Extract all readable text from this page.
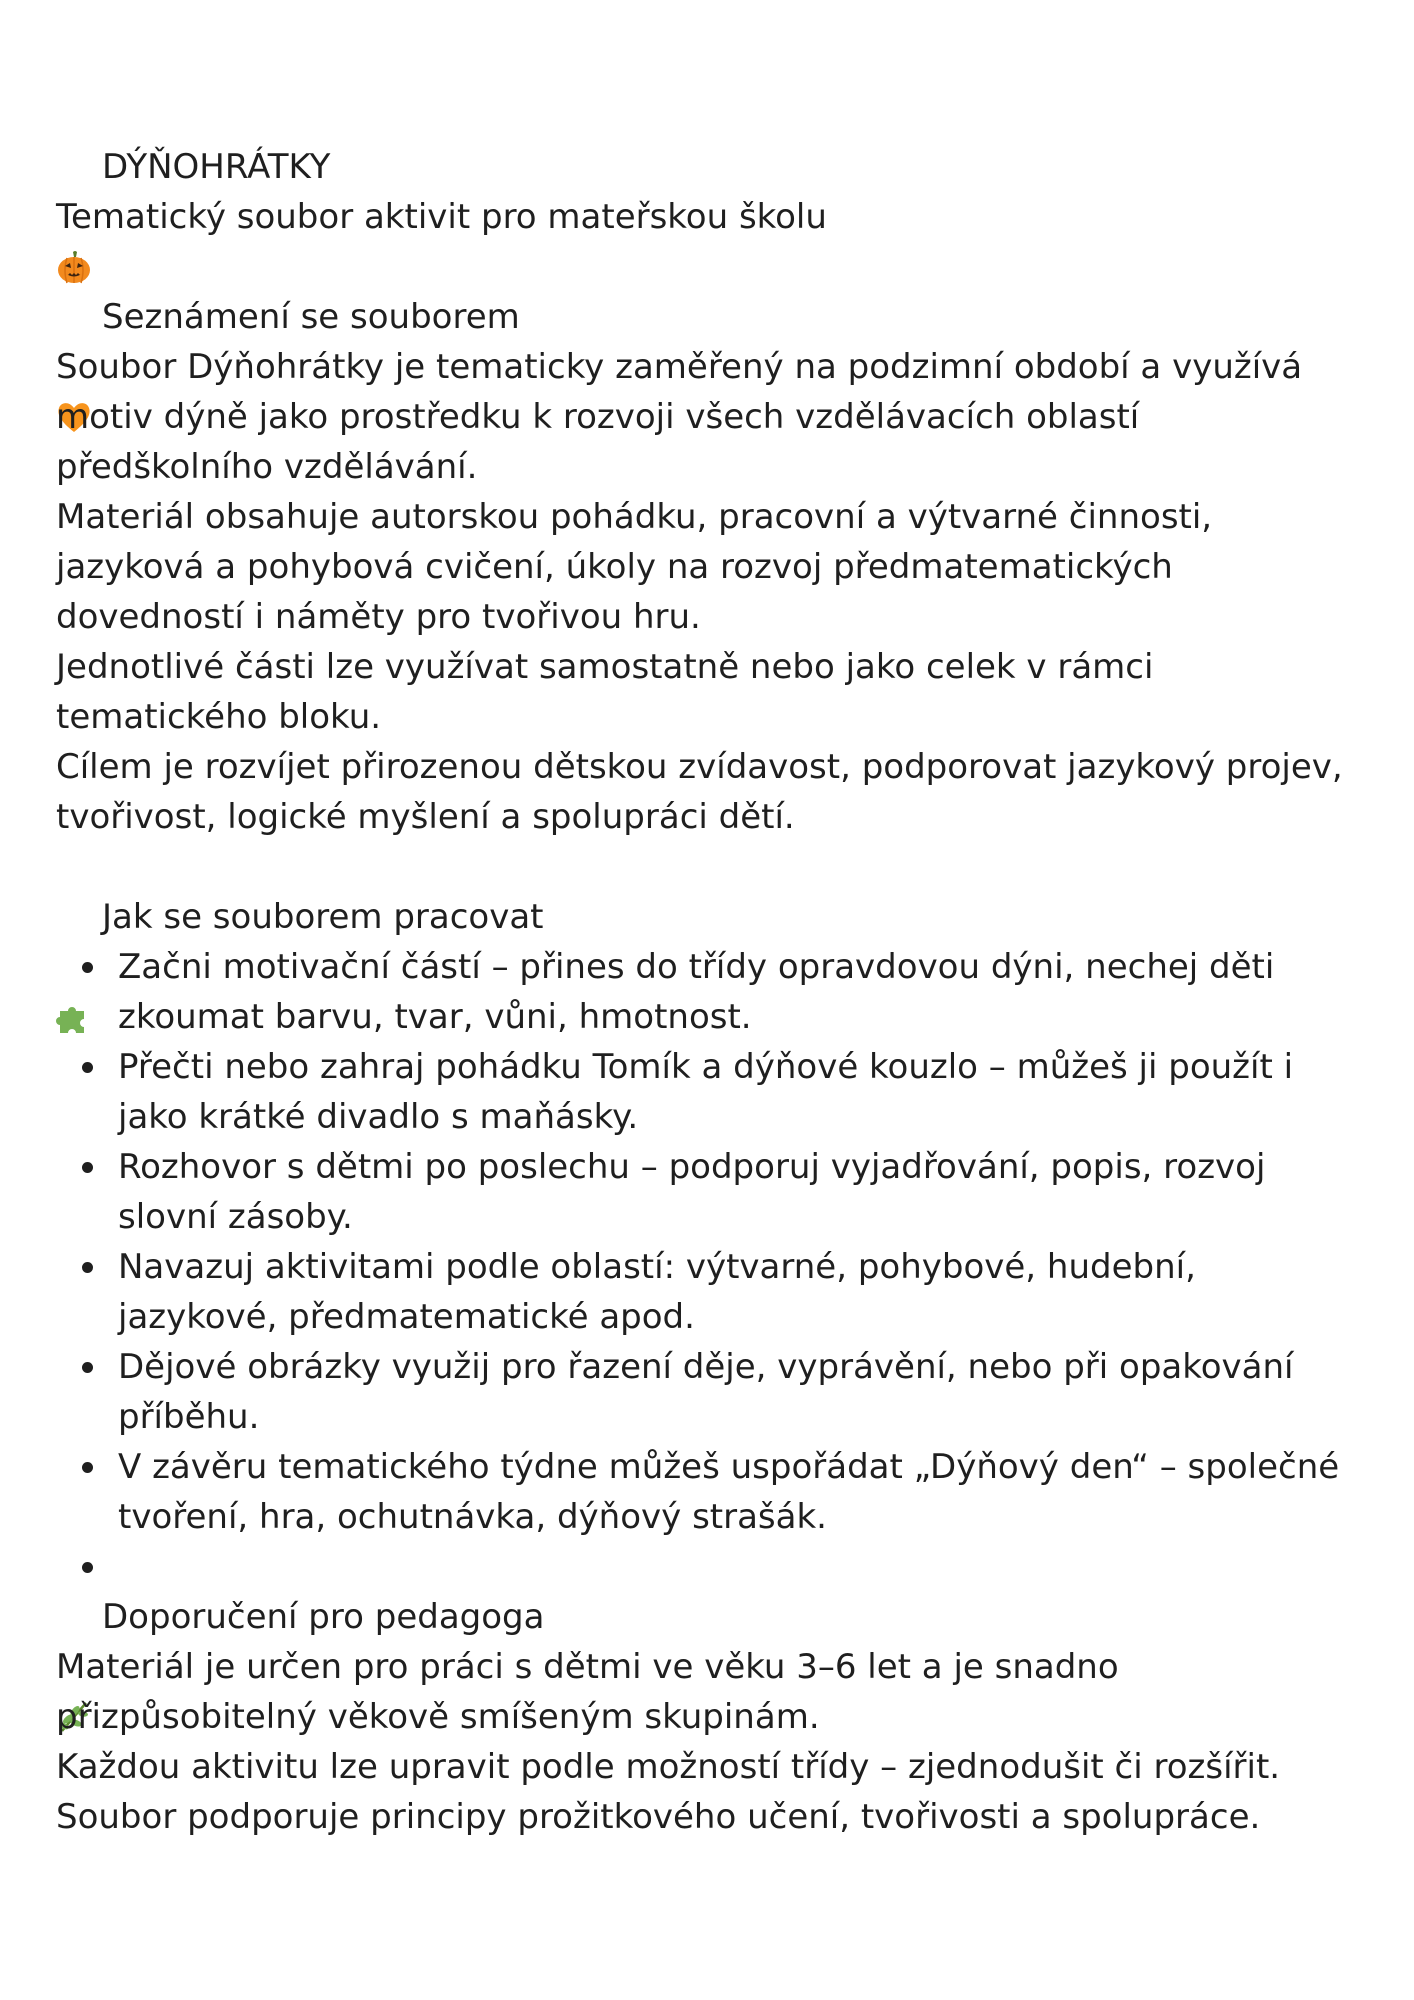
DÝŇOHRÁTKY
Tematický soubor aktivit pro mateřskou školu

Seznámení se souborem

Soubor Dýňohrátky je tematicky zaměřený na podzimní období a využívá motiv dýně jako prostředku k rozvoji všech vzdělávacích oblastí předškolního vzdělávání.

Materiál obsahuje autorskou pohádku, pracovní a výtvarné činnosti, jazyková a pohybová cvičení, úkoly na rozvoj předmatematických dovedností i náměty pro tvořivou hru.

Jednotlivé části lze využívat samostatně nebo jako celek v rámci tematického bloku.

Cílem je rozvíjet přirozenou dětskou zvídavost, podporovat jazykový projev, tvořivost, logické myšlení a spolupráci dětí.

Jak se souborem pracovat
Začni motivační částí – přines do třídy opravdovou dýni, nechej děti zkoumat barvu, tvar, vůni, hmotnost.
Přečti nebo zahraj pohádku Tomík a dýňové kouzlo – můžeš ji použít i jako krátké divadlo s maňásky.
Rozhovor s dětmi po poslechu – podporuj vyjadřování, popis, rozvoj slovní zásoby.
Navazuj aktivitami podle oblastí: výtvarné, pohybové, hudební, jazykové, předmatematické apod.
Dějové obrázky využij pro řazení děje, vyprávění, nebo při opakování příběhu.
V závěru tematického týdne můžeš uspořádat „Dýňový den“ – společné tvoření, hra, ochutnávka, dýňový strašák.

Doporučení pro pedagoga

Materiál je určen pro práci s dětmi ve věku 3–6 let a je snadno přizpůsobitelný věkově smíšeným skupinám.

Každou aktivitu lze upravit podle možností třídy – zjednodušit či rozšířit.

Soubor podporuje principy prožitkového učení, tvořivosti a spolupráce.
